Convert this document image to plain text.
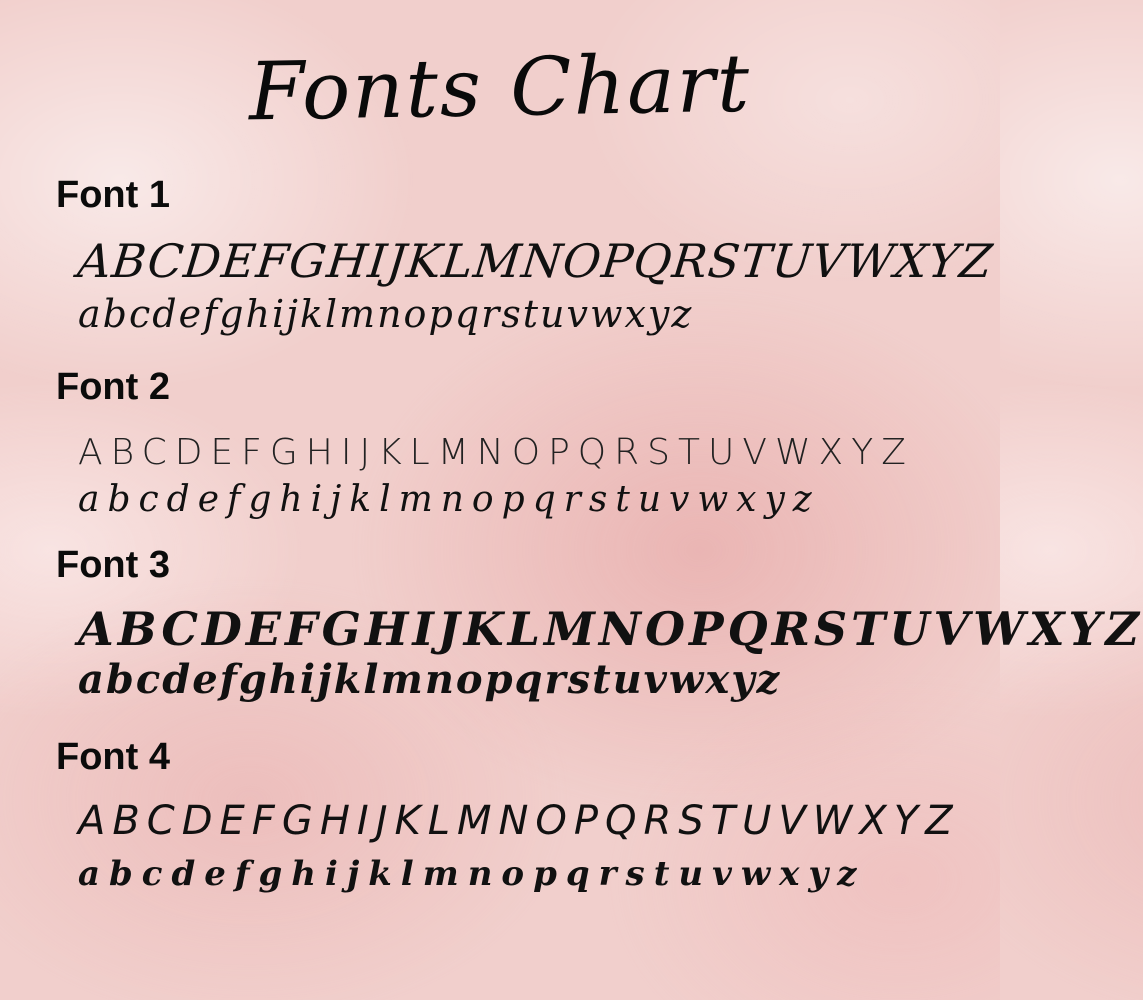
Fonts Chart
Font 1
ABCDEFGHIJKLMNOPQRSTUVWXYZ
abcdefghijklmnopqrstuvwxyz
Font 2
ABCDEFGHIJKLMNOPQRSTUVWXYZ
abcdefghijklmnopqrstuvwxyz
Font 3
ABCDEFGHIJKLMNOPQRSTUVWXYZ
abcdefghijklmnopqrstuvwxyz
Font 4
ABCDEFGHIJKLMNOPQRSTUVWXYZ
abcdefghijklmnopqrstuvwxyz
